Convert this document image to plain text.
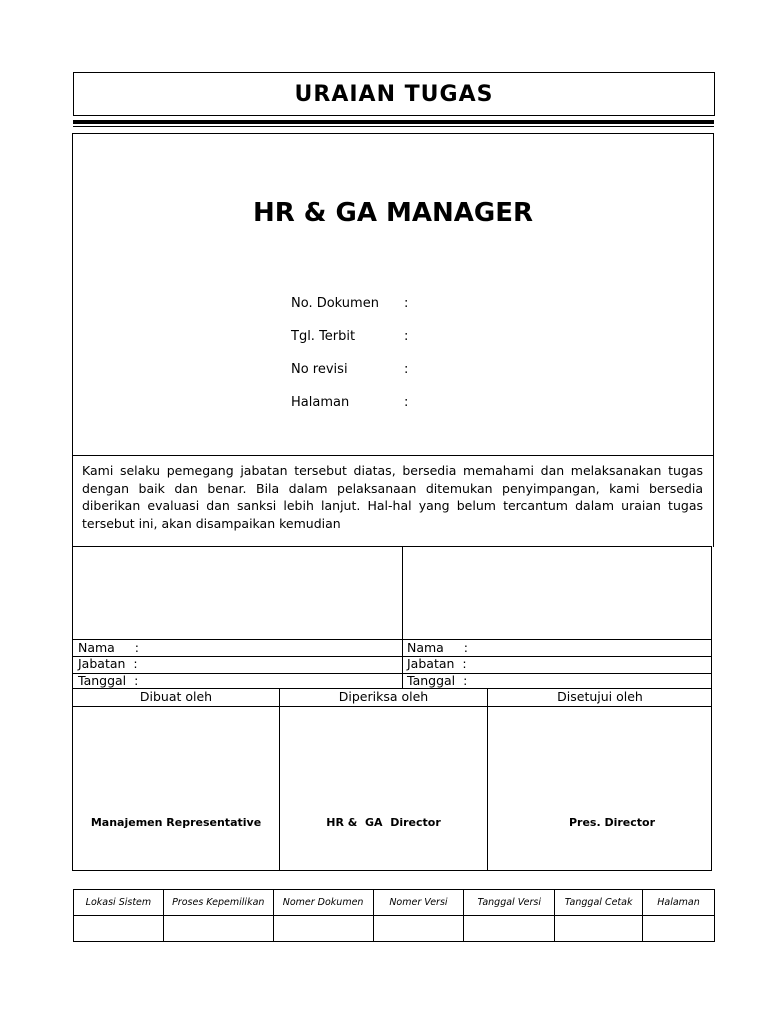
URAIAN TUGAS
HR & GA MANAGER
No. Dokumen :
Tgl. Terbit	:
No revisi	:
Halaman	:
Kami selaku pemegang jabatan tersebut diatas, bersedia memahami dan melaksanakan tugas dengan baik dan benar. Bila dalam pelaksanaan ditemukan penyimpangan, kami bersedia diberikan evaluasi dan sanksi lebih lanjut. Hal-hal yang belum tercantum dalam uraian tugas tersebut ini, akan disampaikan kemudian
Nama     :
Jabatan  :
Tanggal  :
Nama     :
Jabatan  :
Tanggal  :
Dibuat oleh	Diperiksa oleh	Disetujui oleh
Manajemen Representative	HR &  GA  Director	Pres. Director
Lokasi Sistem	Proses Kepemilikan	Nomer Dokumen	Nomer Versi	Tanggal Versi	Tanggal Cetak	Halaman
